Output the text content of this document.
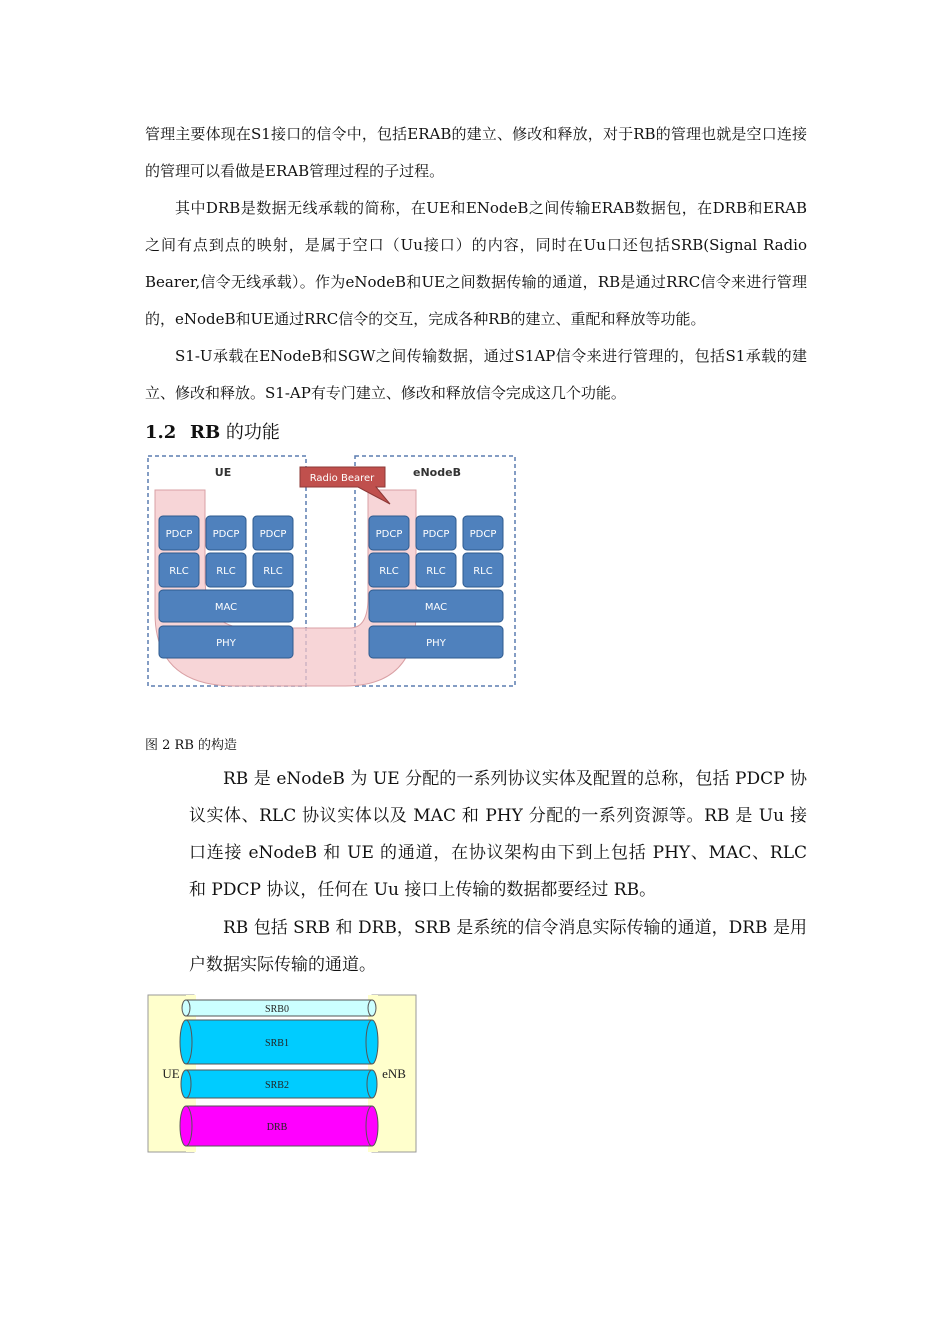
管理主要体现在S1接口的信令中，包括ERAB的建立、修改和释放，对于RB的管理也就是空口连接的管理可以看做是ERAB管理过程的子过程。

其中DRB是数据无线承载的简称，在UE和ENodeB之间传输ERAB数据包，在DRB和ERAB之间有点到点的映射，是属于空口（Uu接口）的内容，同时在Uu口还包括SRB(Signal Radio Bearer,信令无线承载）。作为eNodeB和UE之间数据传输的通道，RB是通过RRC信令来进行管理的，eNodeB和UE通过RRC信令的交互，完成各种RB的建立、重配和释放等功能。

S1-U承载在ENodeB和SGW之间传输数据，通过S1AP信令来进行管理的，包括S1承载的建立、修改和释放。S1-AP有专门建立、修改和释放信令完成这几个功能。

1.2 RB 的功能
UE	eNodeB
PDCP PDCP PDCP
RLC	RLC	RLC
MAC
PHY
PDCP PDCP PDCP
RLC	RLC	RLC
MAC
PHY
Radio Bearer

图 2 RB 的构造

RB 是 eNodeB 为 UE 分配的一系列协议实体及配置的总称，包括 PDCP 协议实体、RLC 协议实体以及 MAC 和 PHY 分配的一系列资源等。RB 是 Uu 接口连接 eNodeB 和 UE 的通道，在协议架构由下到上包括 PHY、MAC、RLC 和 PDCP 协议，任何在 Uu 接口上传输的数据都要经过 RB。

RB 包括 SRB 和 DRB，SRB 是系统的信令消息实际传输的通道，DRB 是用户数据实际传输的通道。

SRB0
SRB1
SRB2
DRB
UE	eNB
